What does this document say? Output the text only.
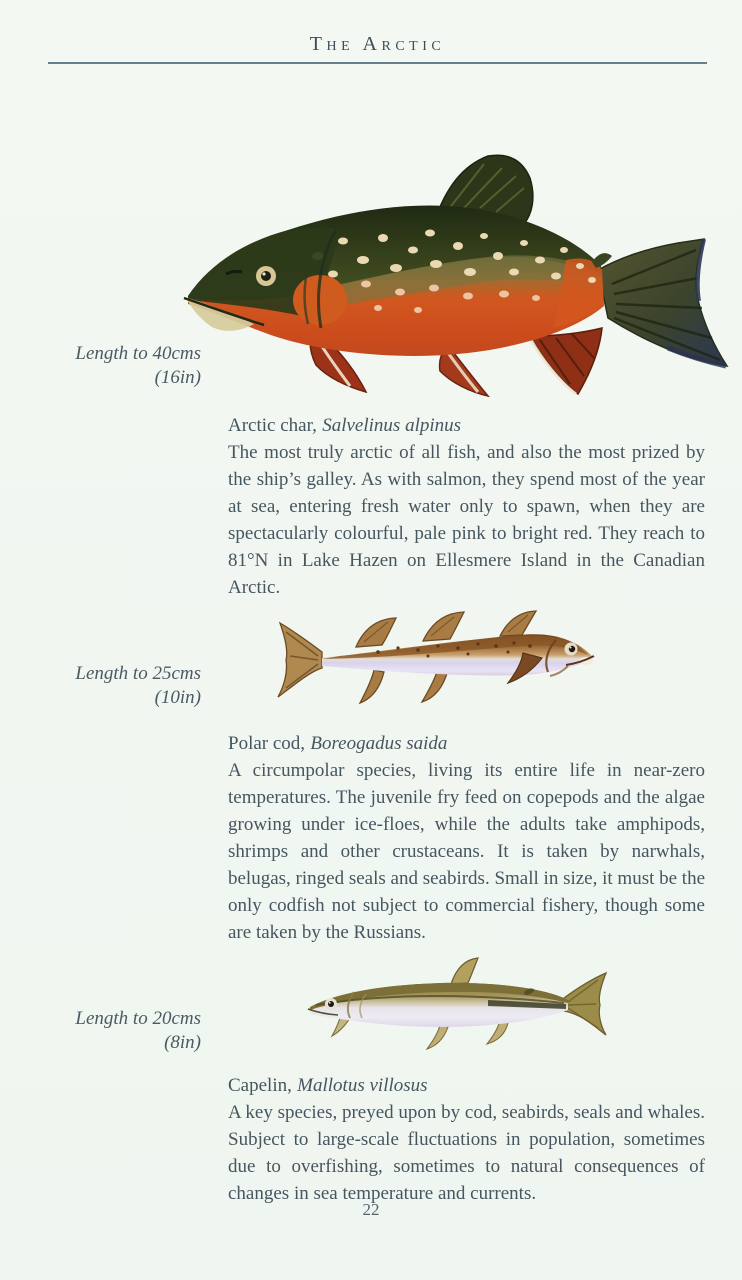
The Arctic
Length to 40cms
(16in)
Arctic char, Salvelinus alpinus

The most truly arctic of all fish, and also the most prized by the ship’s galley. As with salmon, they spend most of the year at sea, entering fresh water only to spawn, when they are spectacularly colourful, pale pink to bright red. They reach to 81°N in Lake Hazen on Ellesmere Island in the Canadian Arctic.

Length to 25cms
(10in)
Polar cod, Boreogadus saida

A circumpolar species, living its entire life in near-zero temperatures. The juvenile fry feed on copepods and the algae growing under ice-floes, while the adults take amphipods, shrimps and other crustaceans. It is taken by narwhals, belugas, ringed seals and seabirds. Small in size, it must be the only codfish not subject to commercial fishery, though some are taken by the Russians.

Length to 20cms
(8in)
Capelin, Mallotus villosus

A key species, preyed upon by cod, seabirds, seals and whales. Subject to large-scale fluctuations in population, sometimes due to overfishing, sometimes to natural consequences of changes in sea temperature and currents.

22
